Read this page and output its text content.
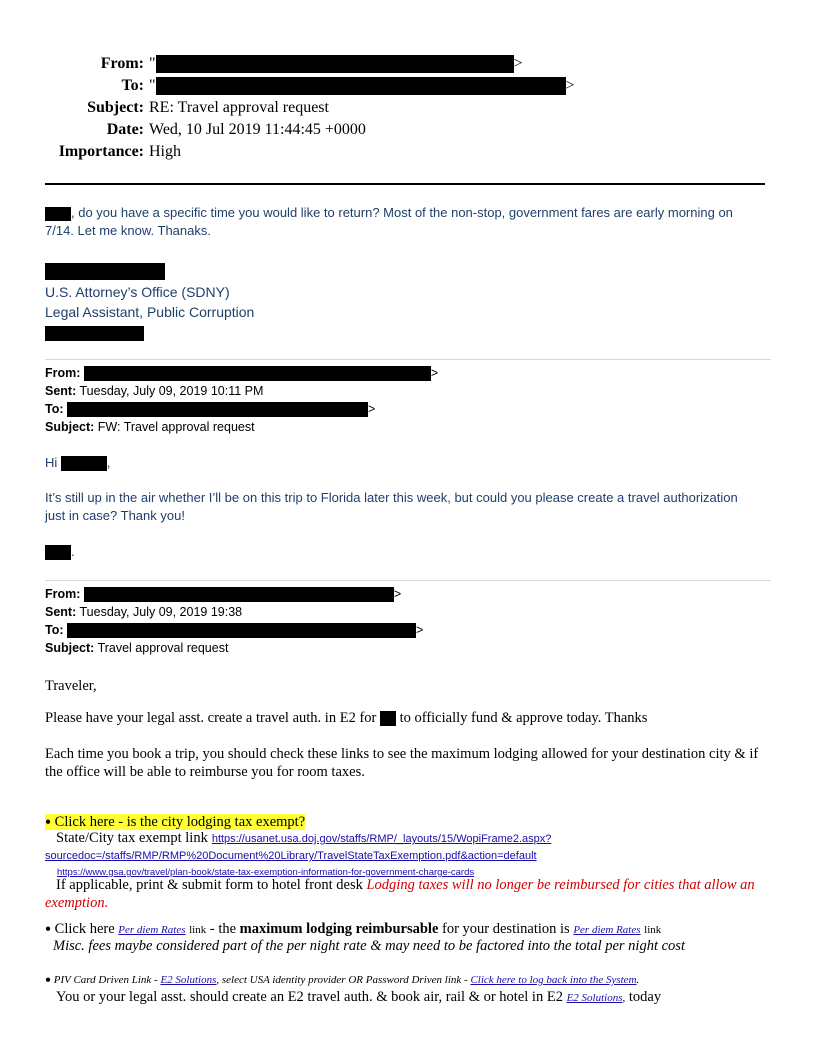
From: "	>
To: "	>
Subject: RE: Travel approval request
Date: Wed, 10 Jul 2019 11:44:45 +0000
Importance: High
, do you have a specific time you would like to return? Most of the non-stop, government fares are early morning on
7/14. Let me know. Thanaks.
U.S. Attorney’s Office (SDNY)
Legal Assistant, Public Corruption
From:	>
Sent: Tuesday, July 09, 2019 10:11 PM
To:	>
Subject: FW: Travel approval request
Hi	,
It’s still up in the air whether I’ll be on this trip to Florida later this week, but could you please create a travel authorization
just in case? Thank you!
.
From:	>
Sent: Tuesday, July 09, 2019 19:38
To:	>
Subject: Travel approval request
Traveler,
Please have your legal asst. create a travel auth. in E2 for to officially fund & approve today. Thanks
Each time you book a trip, you should check these links to see the maximum lodging allowed for your destination city & if
the office will be able to reimburse you for room taxes.
● Click here - is the city lodging tax exempt?
State/City tax exempt link https://usanet.usa.doj.gov/staffs/RMP/_layouts/15/WopiFrame2.aspx?
sourcedoc=/staffs/RMP/RMP%20Document%20Library/TravelStateTaxExemption.pdf&action=default
https://www.gsa.gov/travel/plan-book/state-tax-exemption-information-for-government-charge-cards
If applicable, print & submit form to hotel front desk Lodging taxes will no longer be reimbursed for cities that allow an
exemption.
● Click here Per diem Rates link - the maximum lodging reimbursable for your destination is Per diem Rates link
Misc. fees maybe considered part of the per night rate & may need to be factored into the total per night cost
● PIV Card Driven Link - E2 Solutions, select USA identity provider OR Password Driven link - Click here to log back into the System.
You or your legal asst. should create an E2 travel auth. & book air, rail & or hotel in E2 E2 Solutions, today
